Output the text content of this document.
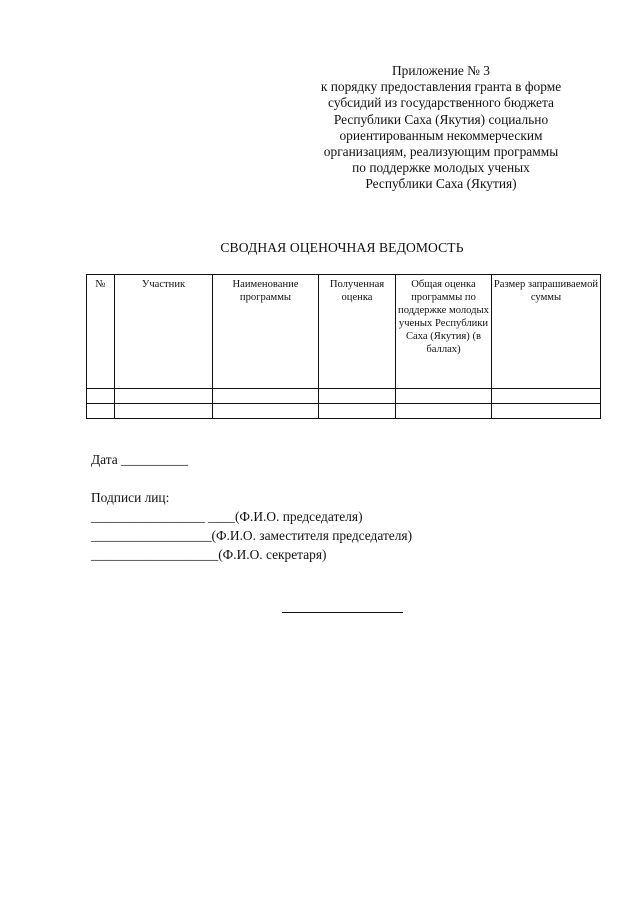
Приложение № 3
к порядку предоставления гранта в форме
субсидий из государственного бюджета
Республики Саха (Якутия) социально
ориентированным некоммерческим
организациям, реализующим программы
по поддержке молодых ученых
Республики Саха (Якутия)
СВОДНАЯ ОЦЕНОЧНАЯ ВЕДОМОСТЬ
№	Участник	Наименование программы	Полученная оценка	Общая оценка программы по поддержке молодых ученых Республики Саха (Якутия) (в баллах)	Размер запрашиваемой суммы

Дата __________
Подписи лиц:
_________________ ____(Ф.И.О. председателя)
__________________(Ф.И.О. заместителя председателя)
___________________(Ф.И.О. секретаря)
